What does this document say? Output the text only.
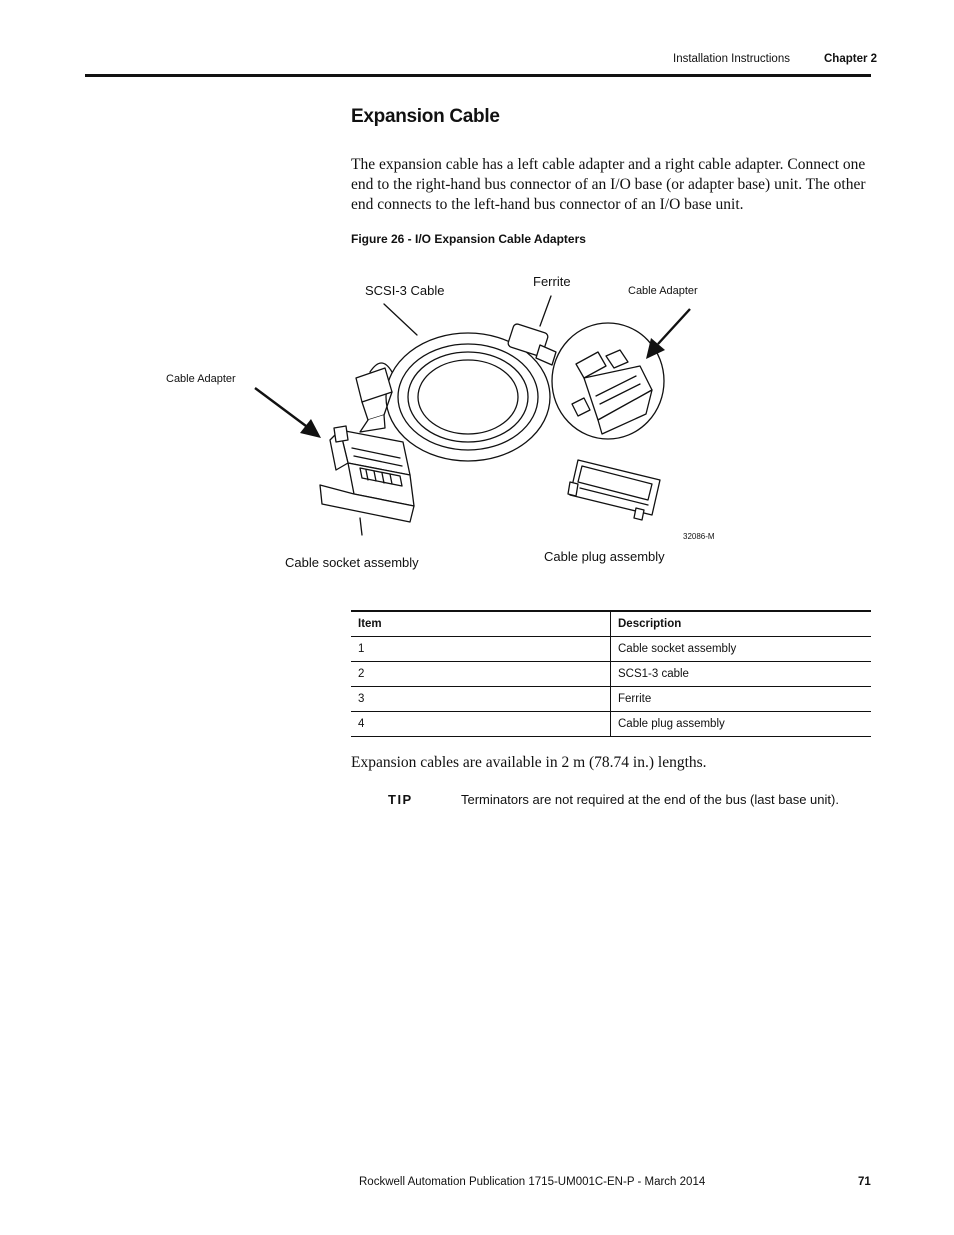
Installation Instructions	Chapter 2
Expansion Cable
The expansion cable has a left cable adapter and a right cable adapter. Connect one end to the right-hand bus connector of an I/O base (or adapter base) unit. The other end connects to the left-hand bus connector of an I/O base unit.
Figure 26 - I/O Expansion Cable Adapters
SCSI-3 Cable
Ferrite
Cable Adapter
Cable Adapter
Cable socket assembly	Cable plug assembly
32086-M
Item	Description
1	Cable socket assembly
2	SCS1-3 cable
3	Ferrite
4	Cable plug assembly
Expansion cables are available in 2 m (78.74 in.) lengths.
TIP	Terminators are not required at the end of the bus (last base unit).
Rockwell Automation Publication 1715-UM001C-EN-P - March 2014	71
